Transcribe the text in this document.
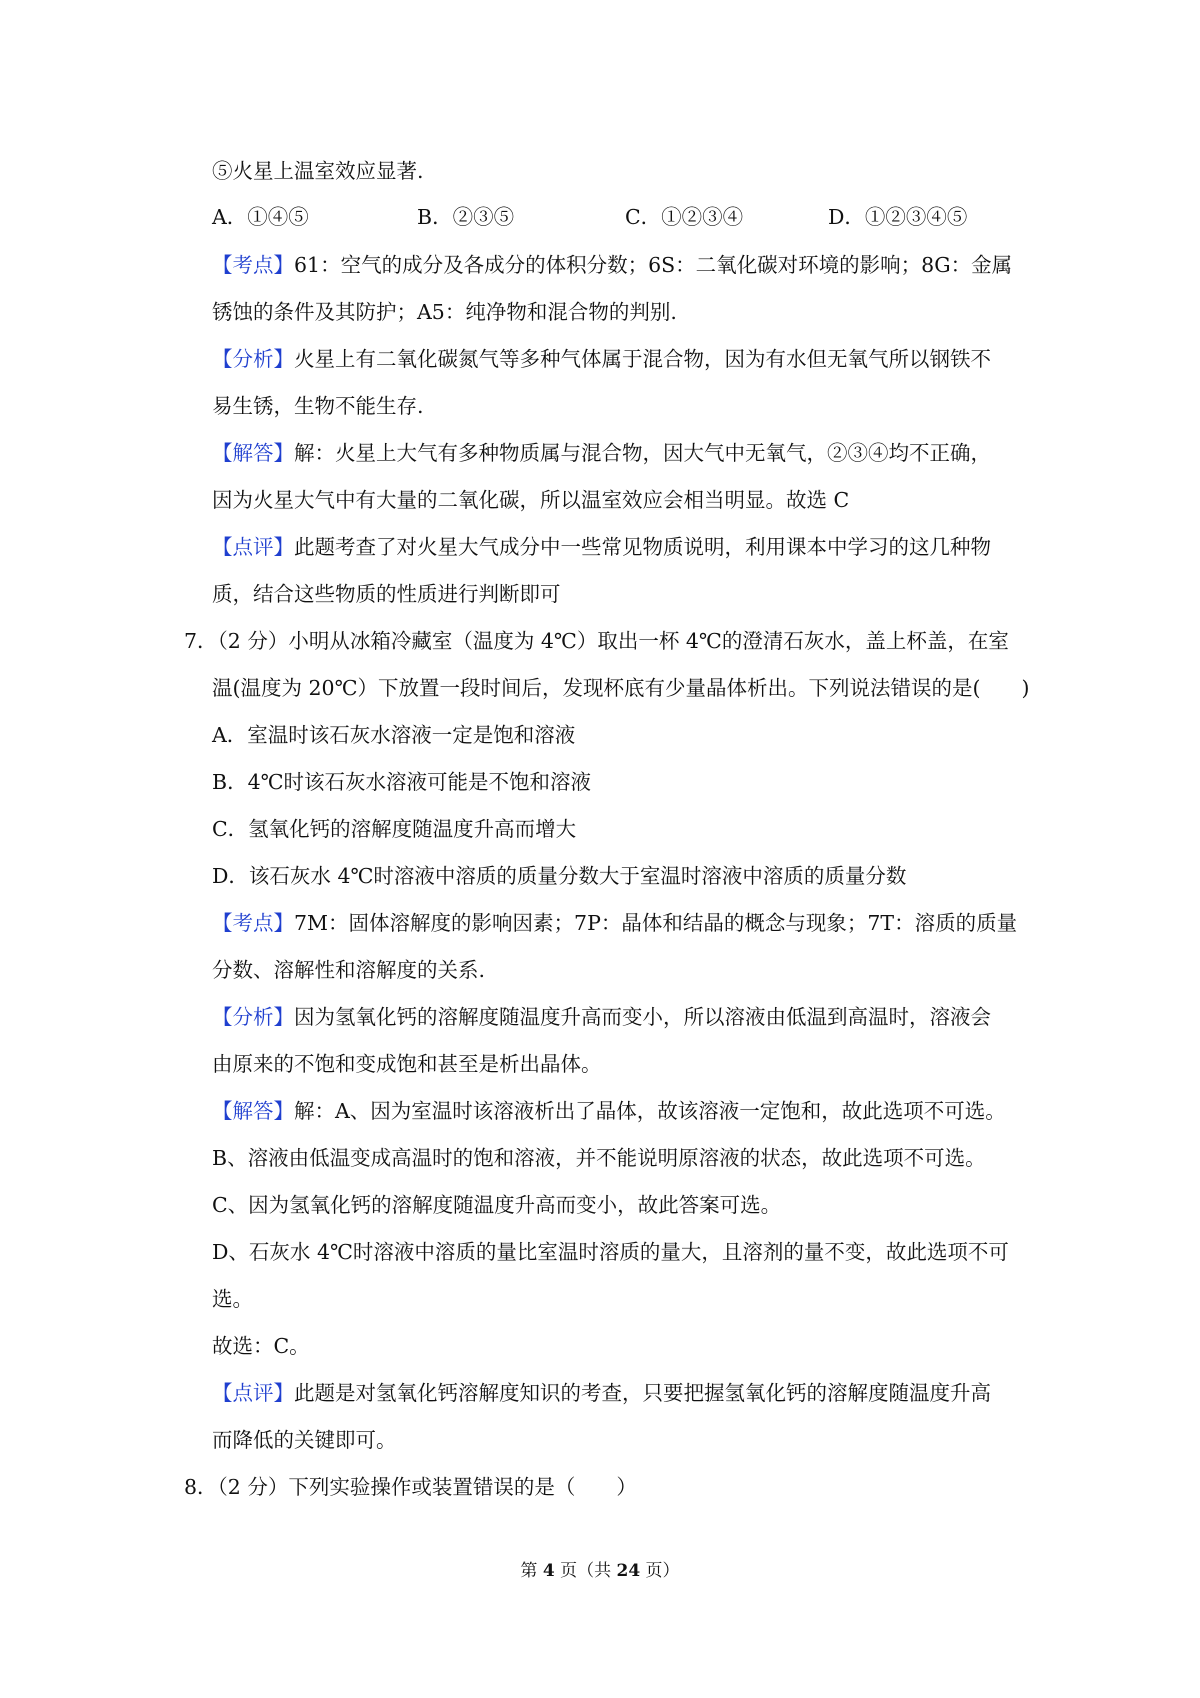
⑤火星上温室效应显著.
A．①④⑤	B．②③⑤	C．①②③④	D．①②③④⑤
【考点】61：空气的成分及各成分的体积分数；6S：二氧化碳对环境的影响；8G：金属
锈蚀的条件及其防护；A5：纯净物和混合物的判别.
【分析】火星上有二氧化碳氮气等多种气体属于混合物，因为有水但无氧气所以钢铁不
易生锈，生物不能生存.
【解答】解：火星上大气有多种物质属与混合物，因大气中无氧气，②③④均不正确，
因为火星大气中有大量的二氧化碳，所以温室效应会相当明显。故选 C
【点评】此题考查了对火星大气成分中一些常见物质说明，利用课本中学习的这几种物
质，结合这些物质的性质进行判断即可
7．（2 分）小明从冰箱冷藏室（温度为 4℃）取出一杯 4℃的澄清石灰水，盖上杯盖，在室
温(温度为 20℃）下放置一段时间后，发现杯底有少量晶体析出。下列说法错误的是(　　)
A．室温时该石灰水溶液一定是饱和溶液
B．4℃时该石灰水溶液可能是不饱和溶液
C．氢氧化钙的溶解度随温度升高而增大
D．该石灰水 4℃时溶液中溶质的质量分数大于室温时溶液中溶质的质量分数
【考点】7M：固体溶解度的影响因素；7P：晶体和结晶的概念与现象；7T：溶质的质量
分数、溶解性和溶解度的关系.
【分析】因为氢氧化钙的溶解度随温度升高而变小，所以溶液由低温到高温时，溶液会
由原来的不饱和变成饱和甚至是析出晶体。
【解答】解：A、因为室温时该溶液析出了晶体，故该溶液一定饱和，故此选项不可选。
B、溶液由低温变成高温时的饱和溶液，并不能说明原溶液的状态，故此选项不可选。
C、因为氢氧化钙的溶解度随温度升高而变小，故此答案可选。
D、石灰水 4℃时溶液中溶质的量比室温时溶质的量大，且溶剂的量不变，故此选项不可
选。
故选：C。
【点评】此题是对氢氧化钙溶解度知识的考查，只要把握氢氧化钙的溶解度随温度升高
而降低的关键即可。
8．（2 分）下列实验操作或装置错误的是（　　）
第 4 页（共 24 页）
